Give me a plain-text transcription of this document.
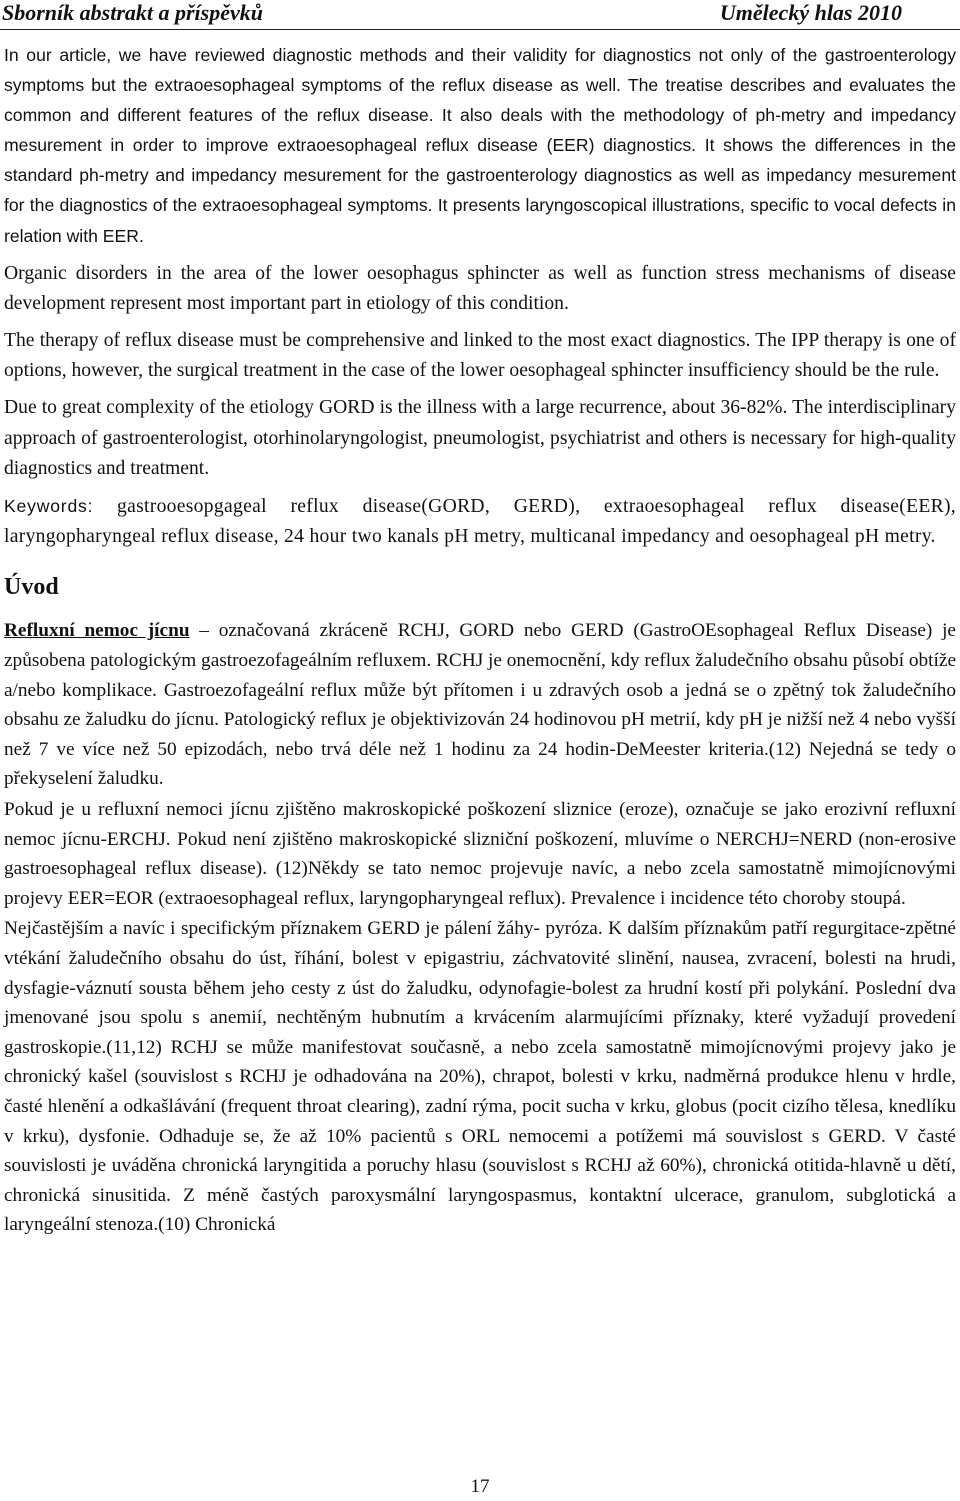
Sborník abstrakt a příspěvků	Umělecký hlas 2010

In our article, we have reviewed diagnostic methods and their validity for diagnostics not only of the gastroenterology symptoms but the extraoesophageal symptoms of the reflux disease as well. The treatise describes and evaluates the common and different features of the reflux disease. It also deals with the methodology of ph-metry and impedancy mesurement in order to improve extraoesophageal reflux disease (EER) diagnostics. It shows the differences in the standard ph-metry and impedancy mesurement for the gastroenterology diagnostics as well as impedancy mesurement for the diagnostics of the extraoesophageal symptoms. It presents laryngoscopical illustrations, specific to vocal defects in relation with EER.

Organic disorders in the area of the lower oesophagus sphincter as well as function stress mechanisms of disease development represent most important part in etiology of this condition.

The therapy of reflux disease must be comprehensive and linked to the most exact diagnostics. The IPP therapy is one of options, however, the surgical treatment in the case of the lower oesophageal sphincter insufficiency should be the rule.

Due to great complexity of the etiology GORD is the illness with a large recurrence, about 36-82%. The interdisciplinary approach of gastroenterologist, otorhinolaryngologist, pneumologist, psychiatrist and others is necessary for high-quality diagnostics and treatment.

Keywords: gastrooesopgageal reflux disease(GORD, GERD), extraoesophageal reflux disease(EER), laryngopharyngeal reflux disease, 24 hour two kanals pH metry, multicanal impedancy and oesophageal pH metry.

Úvod

Refluxní nemoc jícnu – označovaná zkráceně RCHJ, GORD nebo GERD (GastroOEsophageal Reflux Disease) je způsobena patologickým gastroezofageálním refluxem. RCHJ je onemocnění, kdy reflux žaludečního obsahu působí obtíže a/nebo komplikace. Gastroezofageální reflux může být přítomen i u zdravých osob a jedná se o zpětný tok žaludečního obsahu ze žaludku do jícnu. Patologický reflux je objektivizován 24 hodinovou pH metrií, kdy pH je nižší než 4 nebo vyšší než 7 ve více než 50 epizodách, nebo trvá déle než 1 hodinu za 24 hodin-DeMeester kriteria.(12) Nejedná se tedy o překyselení žaludku.

Pokud je u refluxní nemoci jícnu zjištěno makroskopické poškození sliznice (eroze), označuje se jako erozivní refluxní nemoc jícnu-ERCHJ. Pokud není zjištěno makroskopické slizniční poškození, mluvíme o NERCHJ=NERD (non-erosive gastroesophageal reflux disease). (12)Někdy se tato nemoc projevuje navíc, a nebo zcela samostatně mimojícnovými projevy EER=EOR (extraoesophageal reflux, laryngopharyngeal reflux). Prevalence i incidence této choroby stoupá.

Nejčastějším a navíc i specifickým příznakem GERD je pálení žáhy- pyróza. K dalším příznakům patří regurgitace-zpětné vtékání žaludečního obsahu do úst, říhání, bolest v epigastriu, záchvatovité slinění, nausea, zvracení, bolesti na hrudi, dysfagie-váznutí sousta během jeho cesty z úst do žaludku, odynofagie-bolest za hrudní kostí při polykání. Poslední dva jmenované jsou spolu s anemií, nechtěným hubnutím a krvácením alarmujícími příznaky, které vyžadují provedení gastroskopie.(11,12) RCHJ se může manifestovat současně, a nebo zcela samostatně mimojícnovými projevy jako je chronický kašel (souvislost s RCHJ je odhadována na 20%), chrapot, bolesti v krku, nadměrná produkce hlenu v hrdle, časté hlenění a odkašlávání (frequent throat clearing), zadní rýma, pocit sucha v krku, globus (pocit cizího tělesa, knedlíku v krku), dysfonie. Odhaduje se, že až 10% pacientů s ORL nemocemi a potížemi má souvislost s GERD. V časté souvislosti je uváděna chronická laryngitida a poruchy hlasu (souvislost s RCHJ až 60%), chronická otitida-hlavně u dětí, chronická sinusitida. Z méně častých paroxysmální laryngospasmus, kontaktní ulcerace, granulom, subglotická a laryngeální stenoza.(10) Chronická

17
